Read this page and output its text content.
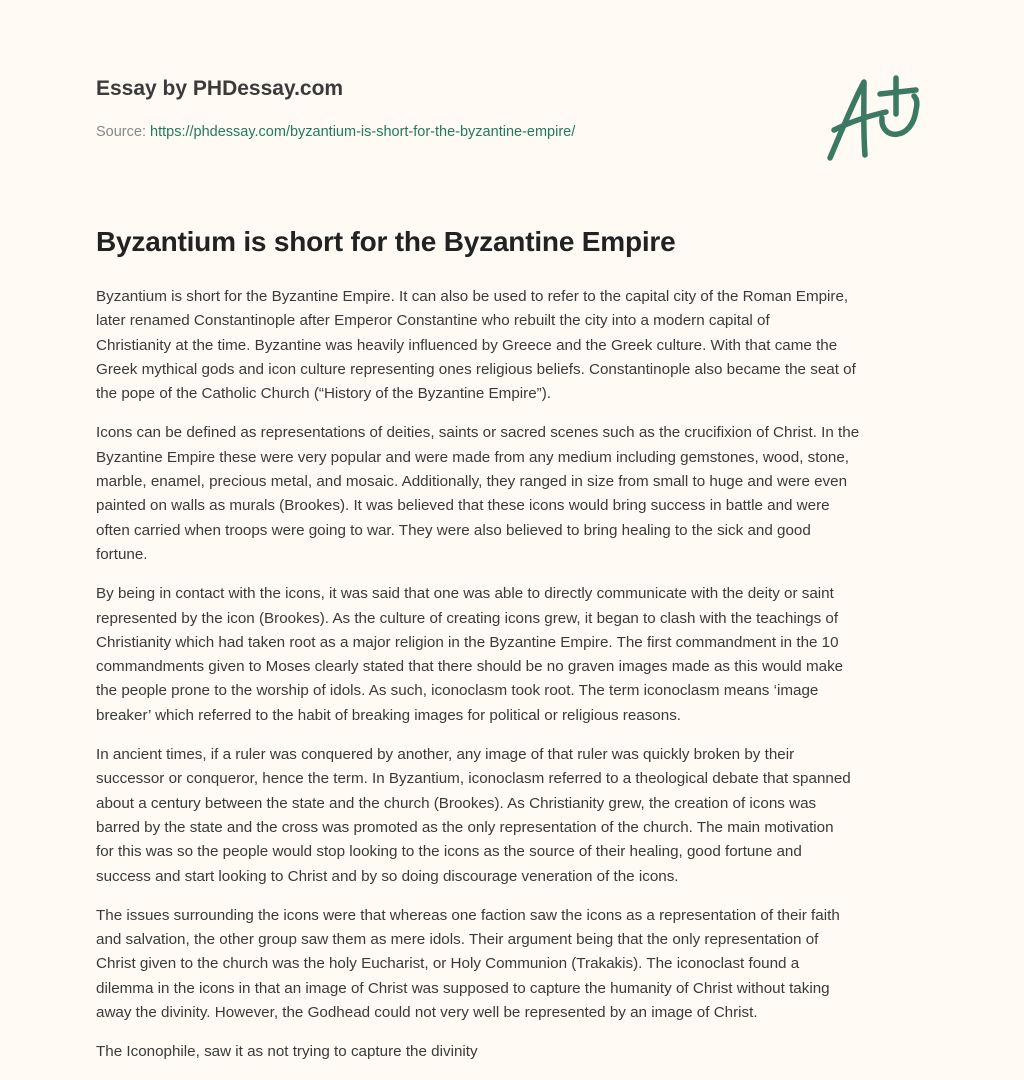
Essay by PHDessay.com
Source: https://phdessay.com/byzantium-is-short-for-the-byzantine-empire/
Byzantium is short for the Byzantine Empire

Byzantium is short for the Byzantine Empire. It can also be used to refer to the capital city of the Roman Empire,
later renamed Constantinople after Emperor Constantine who rebuilt the city into a modern capital of
Christianity at the time. Byzantine was heavily influenced by Greece and the Greek culture. With that came the
Greek mythical gods and icon culture representing ones religious beliefs. Constantinople also became the seat of
the pope of the Catholic Church (“History of the Byzantine Empire”).

Icons can be defined as representations of deities, saints or sacred scenes such as the crucifixion of Christ. In the
Byzantine Empire these were very popular and were made from any medium including gemstones, wood, stone,
marble, enamel, precious metal, and mosaic. Additionally, they ranged in size from small to huge and were even
painted on walls as murals (Brookes). It was believed that these icons would bring success in battle and were
often carried when troops were going to war. They were also believed to bring healing to the sick and good
fortune.

By being in contact with the icons, it was said that one was able to directly communicate with the deity or saint
represented by the icon (Brookes). As the culture of creating icons grew, it began to clash with the teachings of
Christianity which had taken root as a major religion in the Byzantine Empire. The first commandment in the 10
commandments given to Moses clearly stated that there should be no graven images made as this would make
the people prone to the worship of idols. As such, iconoclasm took root. The term iconoclasm means ‘image
breaker’ which referred to the habit of breaking images for political or religious reasons.

In ancient times, if a ruler was conquered by another, any image of that ruler was quickly broken by their
successor or conqueror, hence the term. In Byzantium, iconoclasm referred to a theological debate that spanned
about a century between the state and the church (Brookes). As Christianity grew, the creation of icons was
barred by the state and the cross was promoted as the only representation of the church. The main motivation
for this was so the people would stop looking to the icons as the source of their healing, good fortune and
success and start looking to Christ and by so doing discourage veneration of the icons.

The issues surrounding the icons were that whereas one faction saw the icons as a representation of their faith
and salvation, the other group saw them as mere idols. Their argument being that the only representation of
Christ given to the church was the holy Eucharist, or Holy Communion (Trakakis). The iconoclast found a
dilemma in the icons in that an image of Christ was supposed to capture the humanity of Christ without taking
away the divinity. However, the Godhead could not very well be represented by an image of Christ.

The Iconophile, saw it as not trying to capture the divinity
